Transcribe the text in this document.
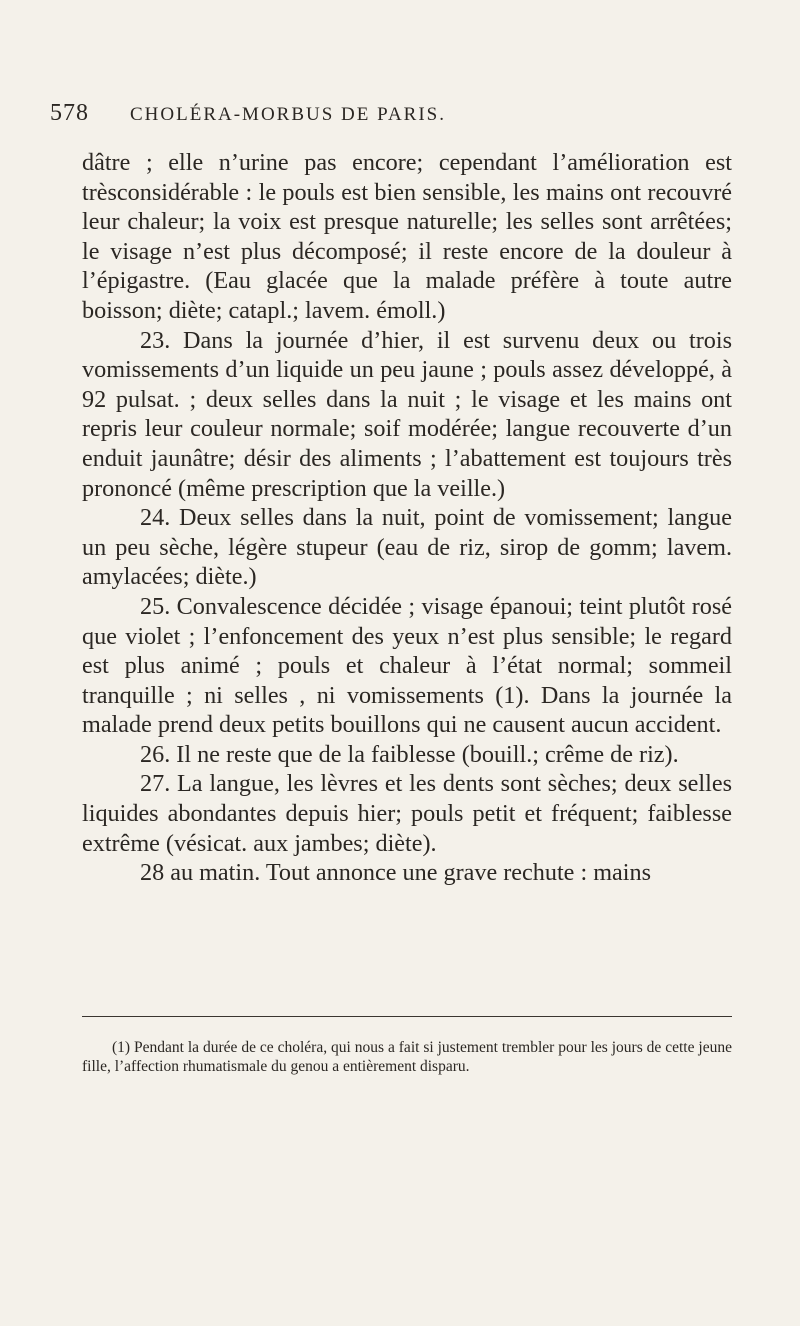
578 CHOLÉRA-MORBUS DE PARIS.

dâtre ; elle n’urine pas encore; cependant l’amélioration est trèsconsidérable : le pouls est bien sensible, les mains ont recouvré leur chaleur; la voix est presque naturelle; les selles sont arrêtées; le visage n’est plus décomposé; il reste encore de la douleur à l’épigastre. (Eau glacée que la malade préfère à toute autre boisson; diète; catapl.; lavem. émoll.)

23. Dans la journée d’hier, il est survenu deux ou trois vomissements d’un liquide un peu jaune ; pouls assez développé, à 92 pulsat. ; deux selles dans la nuit ; le visage et les mains ont repris leur couleur normale; soif modérée; langue recouverte d’un enduit jaunâtre; désir des aliments ; l’abattement est toujours très prononcé (même prescription que la veille.)

24. Deux selles dans la nuit, point de vomissement; langue un peu sèche, légère stupeur (eau de riz, sirop de gomm; lavem. amylacées; diète.)

25. Convalescence décidée ; visage épanoui; teint plutôt rosé que violet ; l’enfoncement des yeux n’est plus sensible; le regard est plus animé ; pouls et chaleur à l’état normal; sommeil tranquille ; ni selles , ni vomissements (1). Dans la journée la malade prend deux petits bouillons qui ne causent aucun accident.

26. Il ne reste que de la faiblesse (bouill.; crême de riz).

27. La langue, les lèvres et les dents sont sèches; deux selles liquides abondantes depuis hier; pouls petit et fréquent; faiblesse extrême (vésicat. aux jambes; diète).

28 au matin. Tout annonce une grave rechute : mains

(1) Pendant la durée de ce choléra, qui nous a fait si justement trembler pour les jours de cette jeune fille, l’affection rhumatismale du genou a entièrement disparu.
